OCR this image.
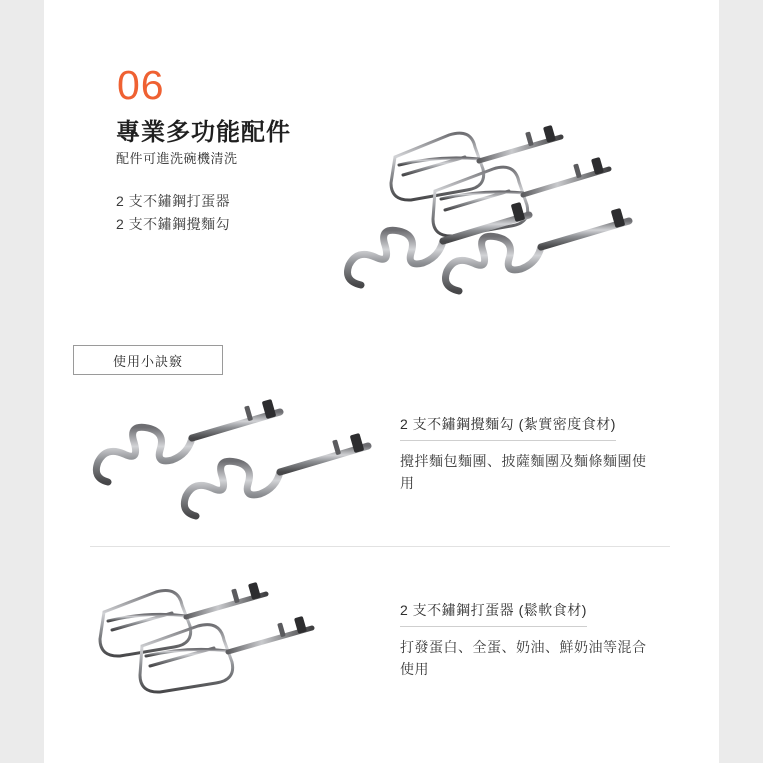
06
專業多功能配件
配件可進洗碗機清洗
2 支不鏽鋼打蛋器
2 支不鏽鋼攪麵勾
使用小訣竅
2 支不鏽鋼攪麵勾 (紮實密度食材)
攪拌麵包麵團、披薩麵團及麵條麵團使用
2 支不鏽鋼打蛋器 (鬆軟食材)
打發蛋白、全蛋、奶油、鮮奶油等混合使用
